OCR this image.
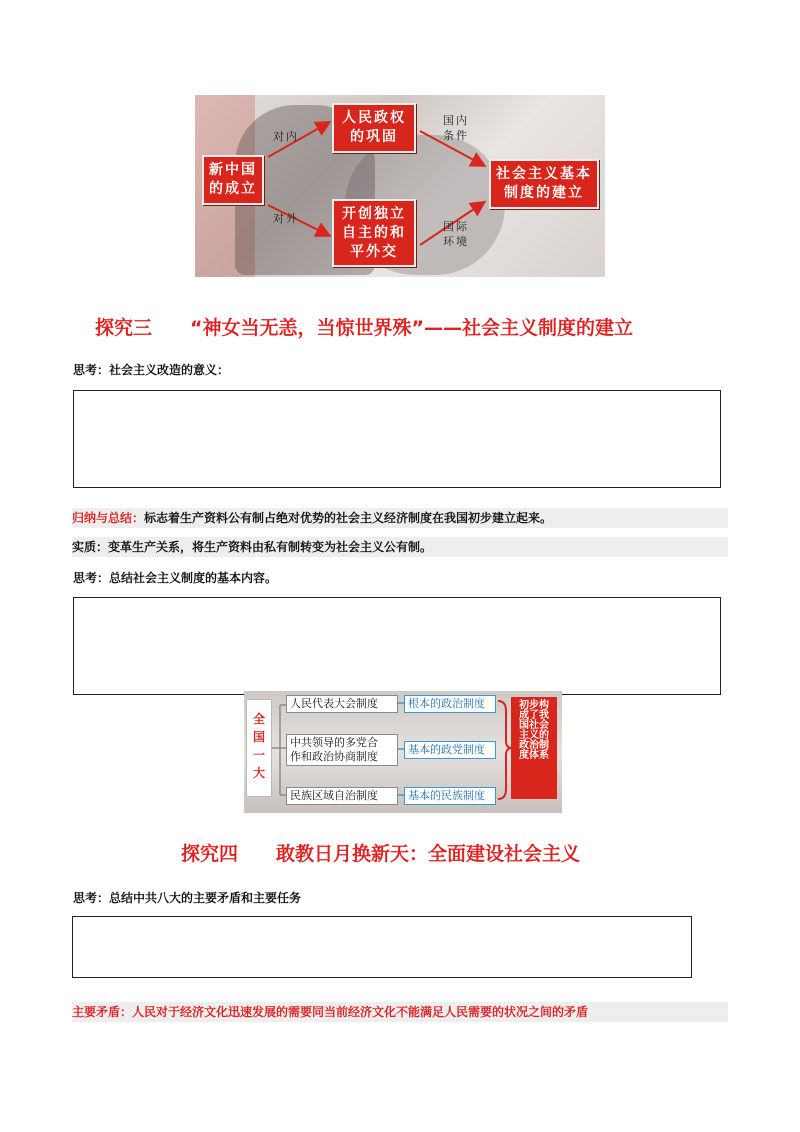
新中国
的成立
人民政权
的巩固
开创独立
自主的和
平外交
社会主义基本
制度的建立
对内
对外
国内
条件
国际
环境
探究三　　“神女当无恙，当惊世界殊”——社会主义制度的建立
思考：社会主义改造的意义：
归纳与总结：标志着生产资料公有制占绝对优势的社会主义经济制度在我国初步建立起来。
实质：变革生产关系，将生产资料由私有制转变为社会主义公有制。
思考：总结社会主义制度的基本内容。
全
国
一
大
人民代表大会制度	根本的政治制度
中共领导的多党合
作和政治协商制度
基本的政党制度
民族区域自治制度	基本的民族制度
初步构
成了我
国社会
主义的
政治制
度体系
探究四　　敢教日月换新天：全面建设社会主义
思考：总结中共八大的主要矛盾和主要任务
主要矛盾：人民对于经济文化迅速发展的需要同当前经济文化不能满足人民需要的状况之间的矛盾
